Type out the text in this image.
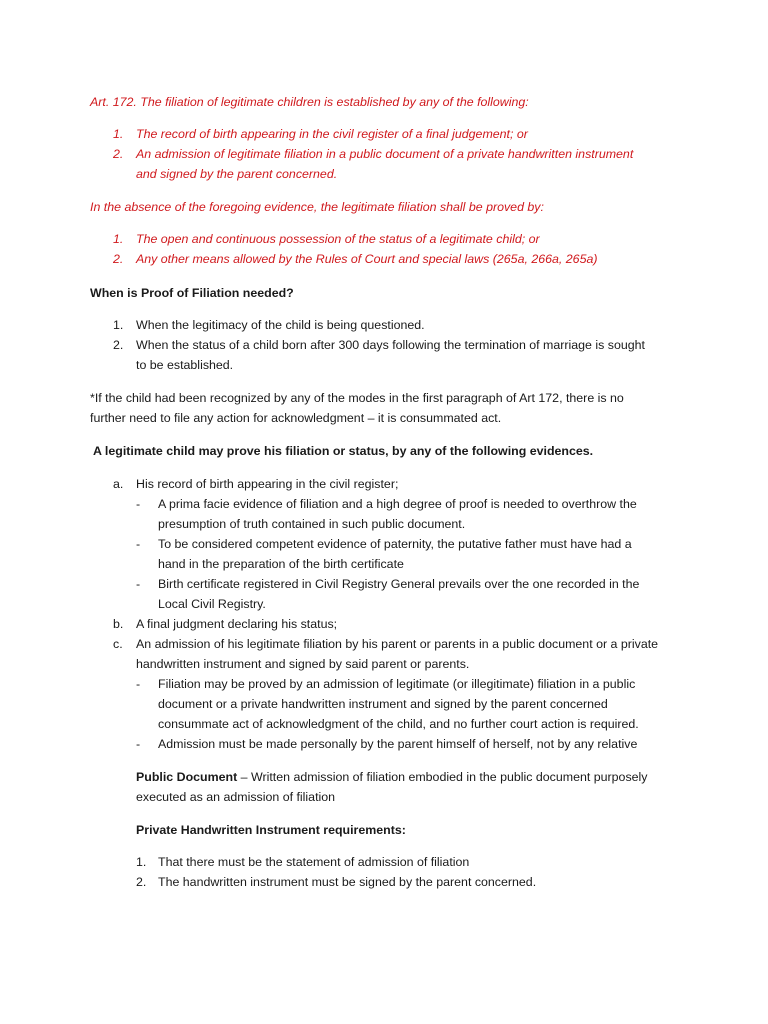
Art. 172. The filiation of legitimate children is established by any of the following:
1. The record of birth appearing in the civil register of a final judgement; or
2. An admission of legitimate filiation in a public document of a private handwritten instrument
and signed by the parent concerned.
In the absence of the foregoing evidence, the legitimate filiation shall be proved by:
1. The open and continuous possession of the status of a legitimate child; or
2. Any other means allowed by the Rules of Court and special laws (265a, 266a, 265a)
When is Proof of Filiation needed?
1. When the legitimacy of the child is being questioned.
2. When the status of a child born after 300 days following the termination of marriage is sought
to be established.
*If the child had been recognized by any of the modes in the first paragraph of Art 172, there is no
further need to file any action for acknowledgment – it is consummated act.
A legitimate child may prove his filiation or status, by any of the following evidences.
a. His record of birth appearing in the civil register;
- A prima facie evidence of filiation and a high degree of proof is needed to overthrow the
presumption of truth contained in such public document.
- To be considered competent evidence of paternity, the putative father must have had a
hand in the preparation of the birth certificate
- Birth certificate registered in Civil Registry General prevails over the one recorded in the
Local Civil Registry.
b. A final judgment declaring his status;
c. An admission of his legitimate filiation by his parent or parents in a public document or a private
handwritten instrument and signed by said parent or parents.
- Filiation may be proved by an admission of legitimate (or illegitimate) filiation in a public
document or a private handwritten instrument and signed by the parent concerned
consummate act of acknowledgment of the child, and no further court action is required.
- Admission must be made personally by the parent himself of herself, not by any relative
Public Document – Written admission of filiation embodied in the public document purposely
executed as an admission of filiation
Private Handwritten Instrument requirements:
1. That there must be the statement of admission of filiation
2. The handwritten instrument must be signed by the parent concerned.
